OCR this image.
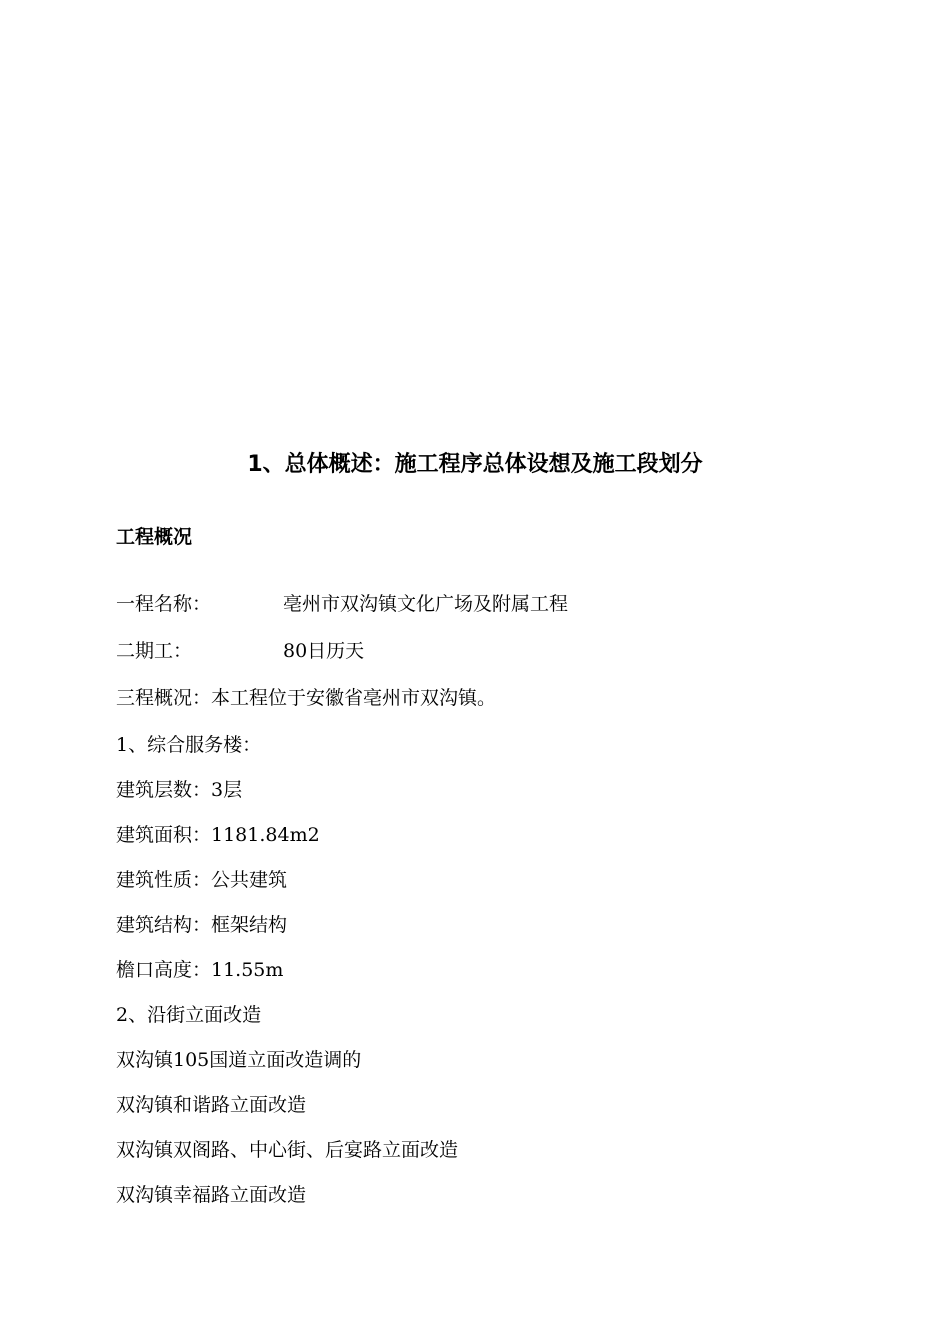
1、总体概述：施工程序总体设想及施工段划分
工程概况
一程名称：	亳州市双沟镇文化广场及附属工程
二期工：	80日历天
三程概况：本工程位于安徽省亳州市双沟镇。
1、综合服务楼：
建筑层数：3层
建筑面积：1181.84m2
建筑性质：公共建筑
建筑结构：框架结构
檐口高度：11.55m
2、沿街立面改造
双沟镇105国道立面改造调的
双沟镇和谐路立面改造
双沟镇双阁路、中心街、后宴路立面改造
双沟镇幸福路立面改造
